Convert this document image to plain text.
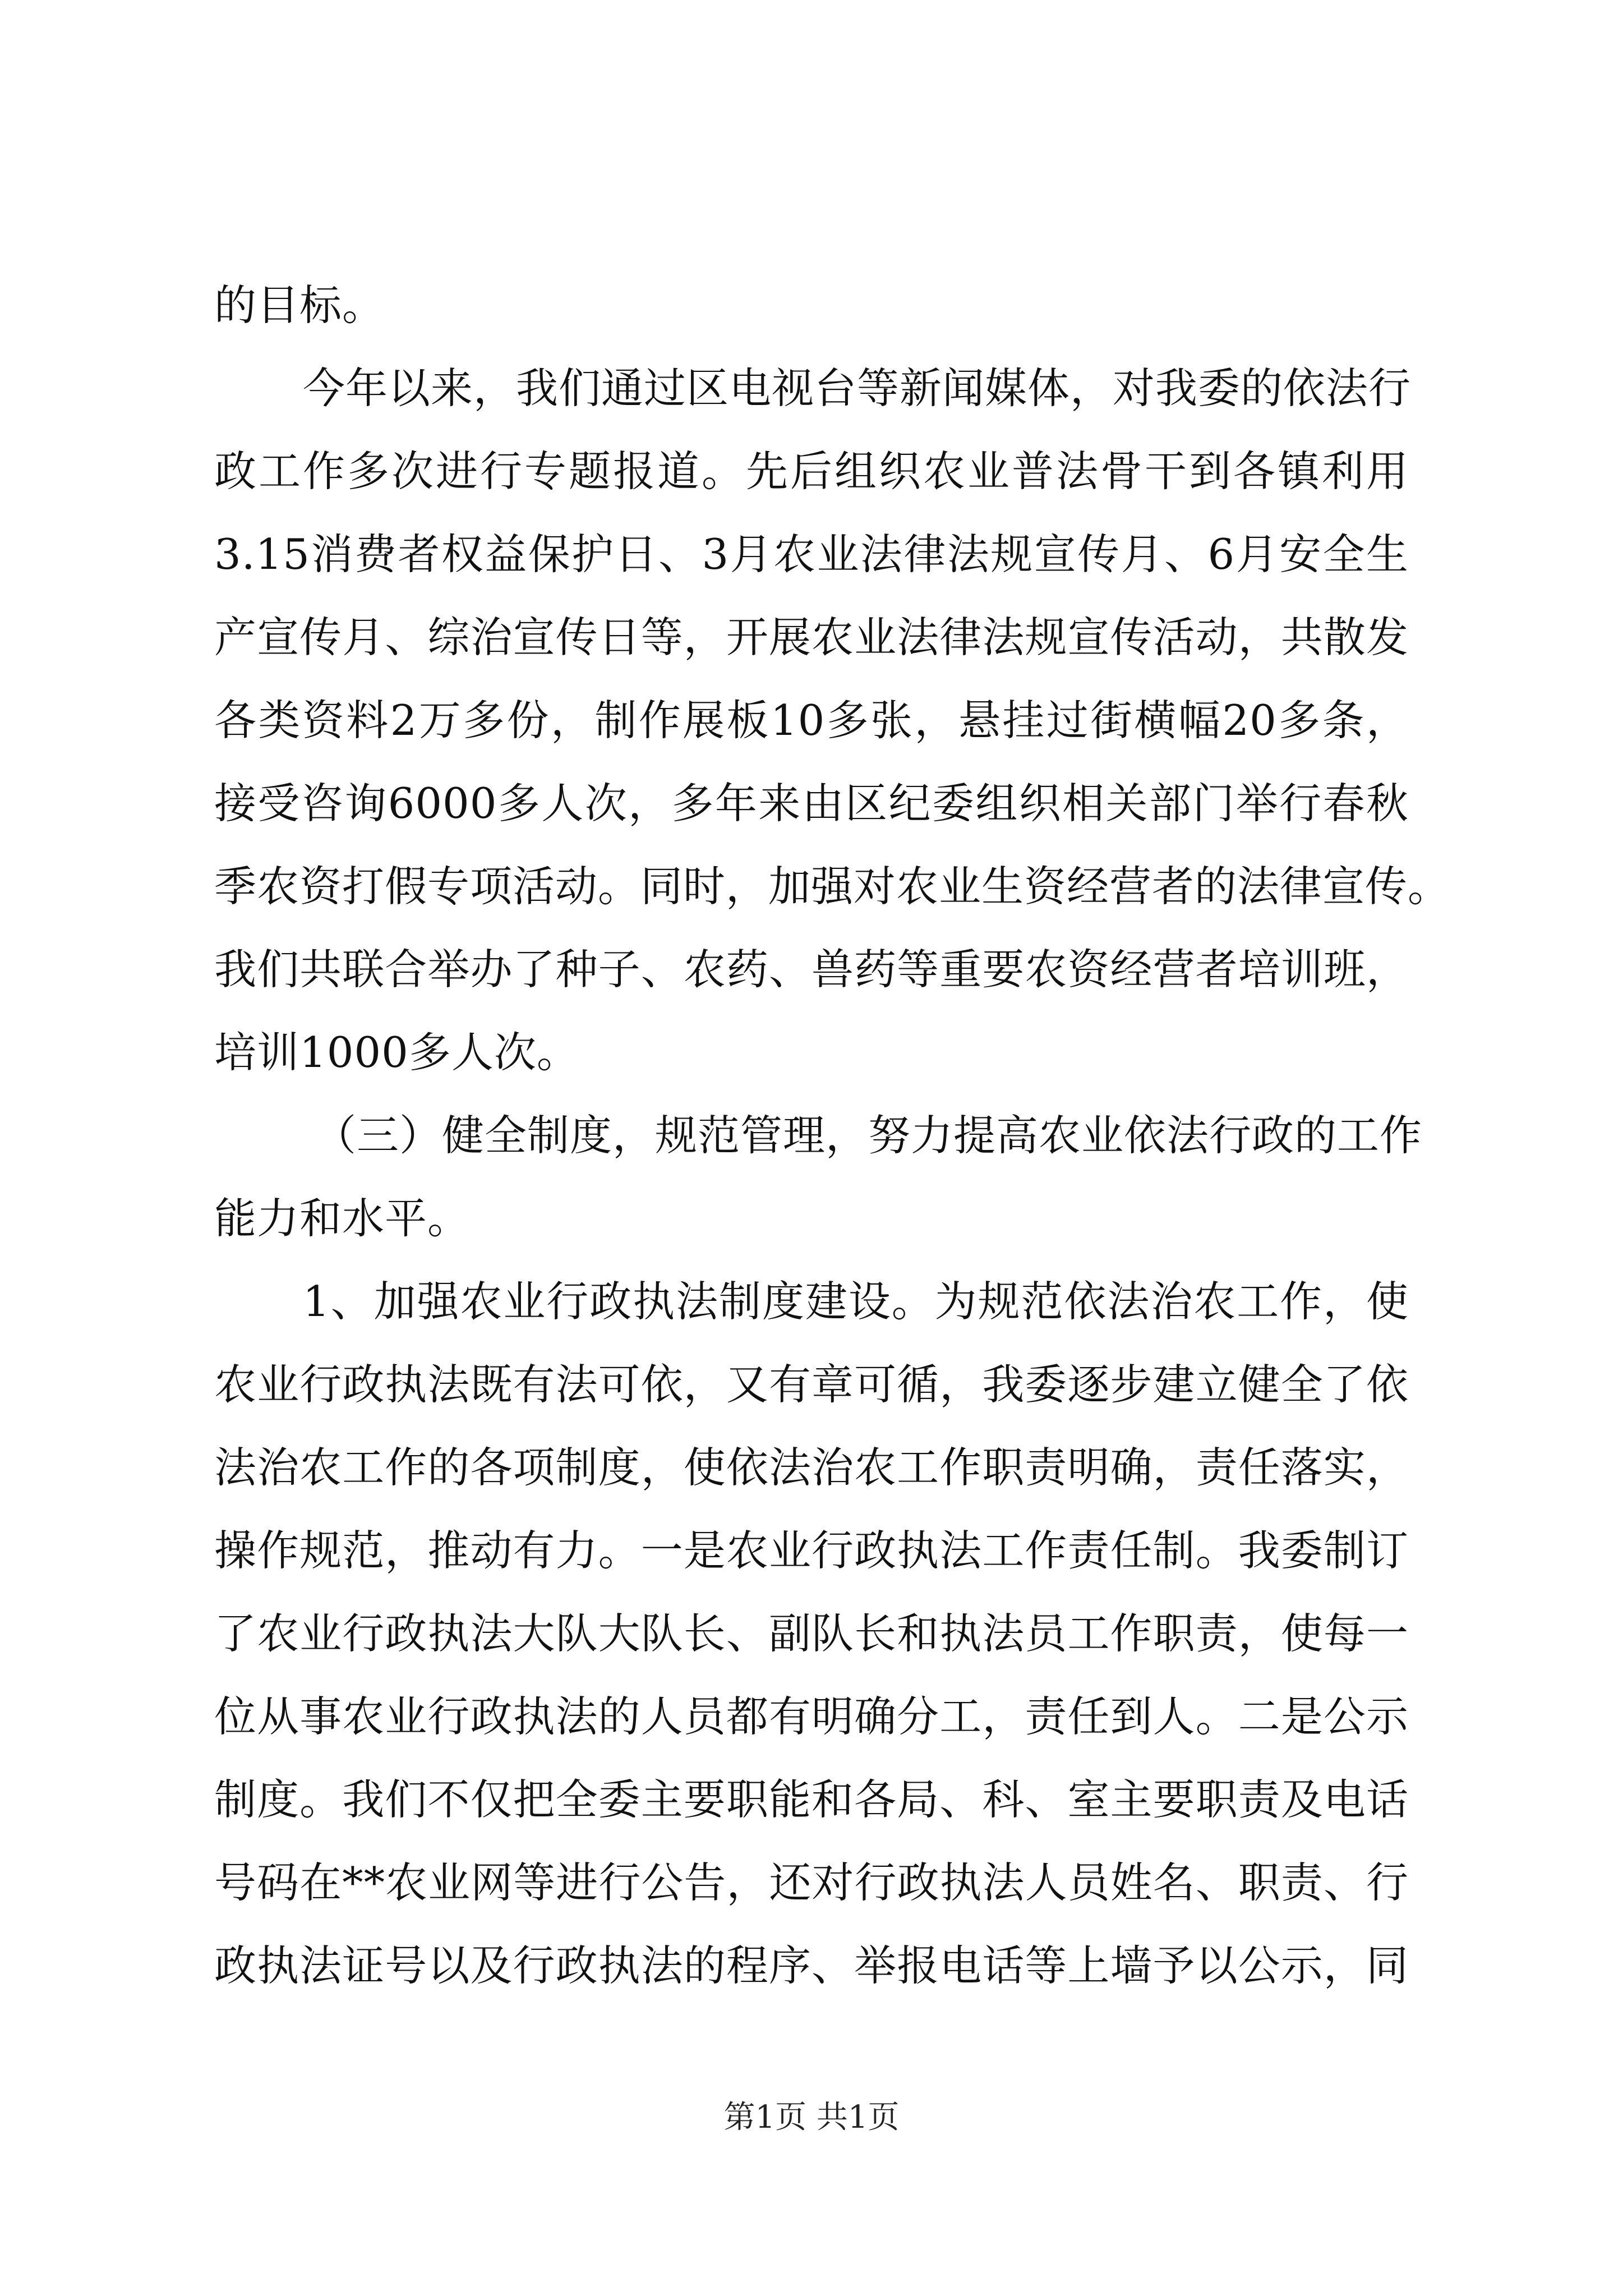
的目标。
今年以来，我们通过区电视台等新闻媒体，对我委的依法行
政工作多次进行专题报道。先后组织农业普法骨干到各镇利用
3.15消费者权益保护日、3月农业法律法规宣传月、6月安全生
产宣传月、综治宣传日等，开展农业法律法规宣传活动，共散发
各类资料2万多份，制作展板10多张，悬挂过街横幅20多条，
接受咨询6000多人次，多年来由区纪委组织相关部门举行春秋
季农资打假专项活动。同时，加强对农业生资经营者的法律宣传。
我们共联合举办了种子、农药、兽药等重要农资经营者培训班，
培训1000多人次。
（三）健全制度，规范管理，努力提高农业依法行政的工作
能力和水平。
1、加强农业行政执法制度建设。为规范依法治农工作，使
农业行政执法既有法可依，又有章可循，我委逐步建立健全了依
法治农工作的各项制度，使依法治农工作职责明确，责任落实，
操作规范，推动有力。一是农业行政执法工作责任制。我委制订
了农业行政执法大队大队长、副队长和执法员工作职责，使每一
位从事农业行政执法的人员都有明确分工，责任到人。二是公示
制度。我们不仅把全委主要职能和各局、科、室主要职责及电话
号码在**农业网等进行公告，还对行政执法人员姓名、职责、行
政执法证号以及行政执法的程序、举报电话等上墙予以公示，同
第1页 共1页
